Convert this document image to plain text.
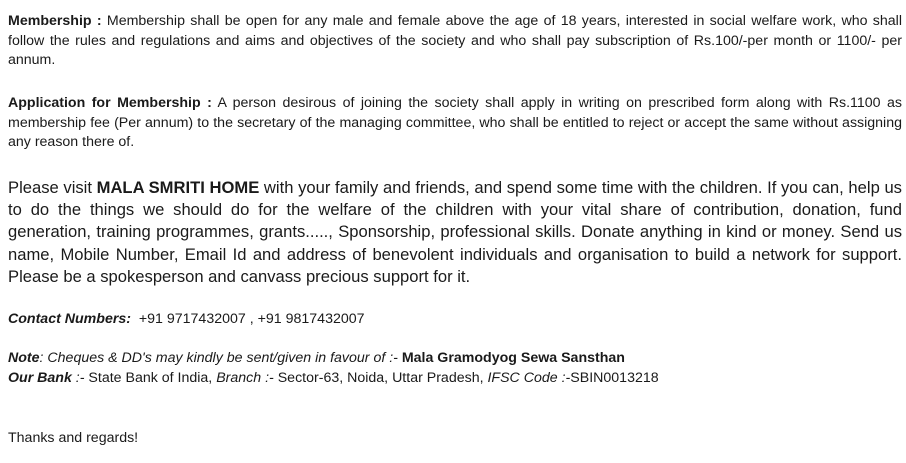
Membership : Membership shall be open for any male and female above the age of 18 years, interested in social welfare work, who shall follow the rules and regulations and aims and objectives of the society and who shall pay subscription of Rs.100/-per month or 1100/- per annum.

Application for Membership : A person desirous of joining the society shall apply in writing on prescribed form along with Rs.1100 as membership fee (Per annum) to the secretary of the managing committee, who shall be entitled to reject or accept the same without assigning any reason there of.

Please visit MALA SMRITI HOME with your family and friends, and spend some time with the children. If you can, help us to do the things we should do for the welfare of the children with your vital share of contribution, donation, fund generation, training programmes, grants....., Sponsorship, professional skills. Donate anything in kind or money. Send us name, Mobile Number, Email Id and address of benevolent individuals and organisation to build a network for support. Please be a spokesperson and canvass precious support for it.

Contact Numbers:  +91 9717432007 , +91 9817432007

Note: Cheques & DD's may kindly be sent/given in favour of :- Mala Gramodyog Sewa Sansthan

Our Bank :- State Bank of India, Branch :- Sector-63, Noida, Uttar Pradesh, IFSC Code :-SBIN0013218

Thanks and regards!
